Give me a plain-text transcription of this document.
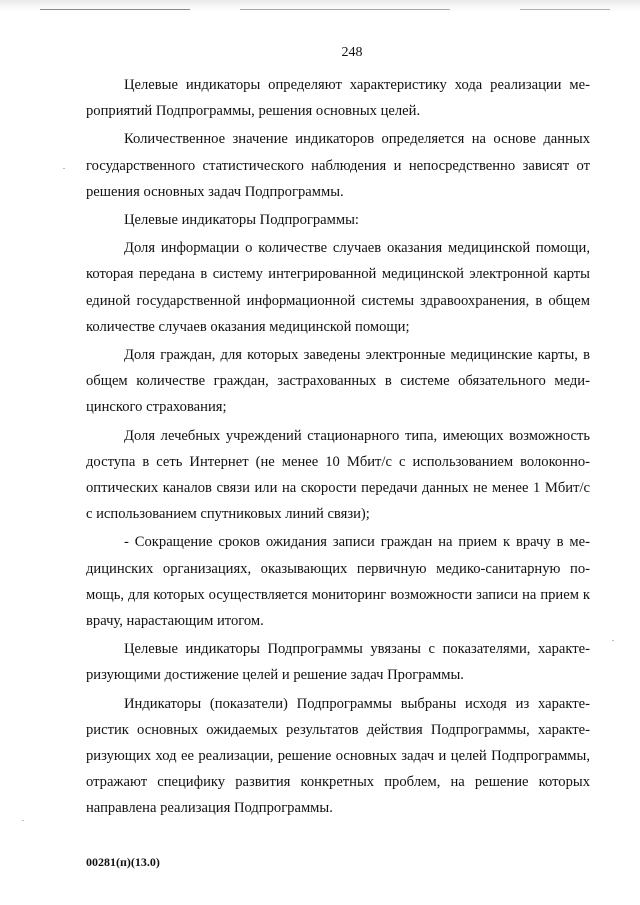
248

Целевые индикаторы определяют характеристику хода реализации мероприятий Подпрограммы, решения основных целей.

Количественное значение индикаторов определяется на основе данных государственного статистического наблюдения и непосредственно зависят от решения основных задач Подпрограммы.

Целевые индикаторы Подпрограммы:

Доля информации о количестве случаев оказания медицинской помощи, которая передана в систему интегрированной медицинской электронной карты единой государственной информационной системы здравоохранения, в общем количестве случаев оказания медицинской помощи;

Доля граждан, для которых заведены электронные медицинские карты, в общем количестве граждан, застрахованных в системе обязательного медицинского страхования;

Доля лечебных учреждений стационарного типа, имеющих возможность доступа в сеть Интернет (не менее 10 Мбит/с с использованием волоконно-оптических каналов связи или на скорости передачи данных не менее 1 Мбит/с с использованием спутниковых линий связи);

- Сокращение сроков ожидания записи граждан на прием к врачу в медицинских организациях, оказывающих первичную медико-санитарную помощь, для которых осуществляется мониторинг возможности записи на прием к врачу, нарастающим итогом.

Целевые индикаторы Подпрограммы увязаны с показателями, характеризующими достижение целей и решение задач Программы.

Индикаторы (показатели) Подпрограммы выбраны исходя из характеристик основных ожидаемых результатов действия Подпрограммы, характеризующих ход ее реализации, решение основных задач и целей Подпрограммы, отражают специфику развития конкретных проблем, на решение которых направлена реализация Подпрограммы.

00281(п)(13.0)
